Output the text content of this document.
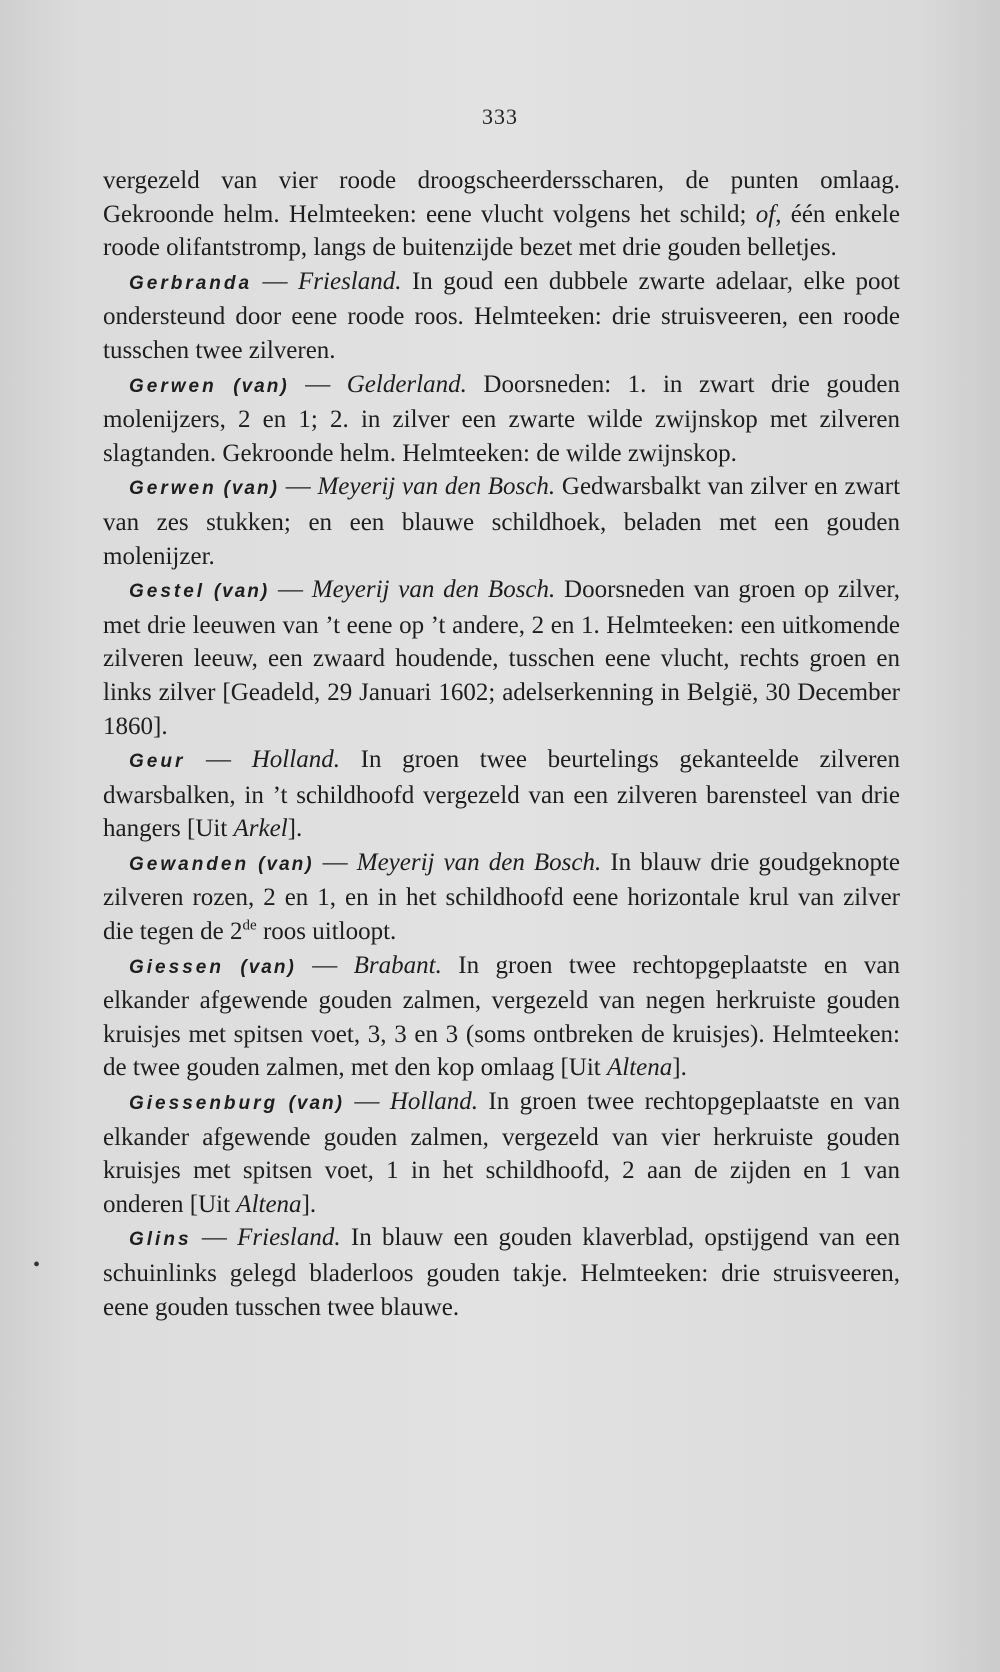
333
•

vergezeld van vier roode droogscheerdersscharen, de punten omlaag. Gekroonde helm. Helmteeken: eene vlucht volgens het schild; of, één enkele roode olifantstromp, langs de buitenzijde bezet met drie gouden belletjes.

Gerbranda — Friesland. In goud een dubbele zwarte adelaar, elke poot ondersteund door eene roode roos. Helmteeken: drie struisveeren, een roode tusschen twee zilveren.

Gerwen (van) — Gelderland. Doorsneden: 1. in zwart drie gouden molenijzers, 2 en 1; 2. in zilver een zwarte wilde zwijnskop met zilveren slagtanden. Gekroonde helm. Helmteeken: de wilde zwijnskop.

Gerwen (van) — Meyerij van den Bosch. Gedwarsbalkt van zilver en zwart van zes stukken; en een blauwe schildhoek, beladen met een gouden molenijzer.

Gestel (van) — Meyerij van den Bosch. Doorsneden van groen op zilver, met drie leeuwen van ’t eene op ’t andere, 2 en 1. Helmteeken: een uitkomende zilveren leeuw, een zwaard houdende, tusschen eene vlucht, rechts groen en links zilver [Geadeld, 29 Januari 1602; adelserkenning in België, 30 December 1860].

Geur — Holland. In groen twee beurtelings gekanteelde zilveren dwarsbalken, in ’t schildhoofd vergezeld van een zilveren barensteel van drie hangers [Uit Arkel].

Gewanden (van) — Meyerij van den Bosch. In blauw drie goudgeknopte zilveren rozen, 2 en 1, en in het schildhoofd eene horizontale krul van zilver die tegen de 2de roos uitloopt.

Giessen (van) — Brabant. In groen twee rechtopgeplaatste en van elkander afgewende gouden zalmen, vergezeld van negen herkruiste gouden kruisjes met spitsen voet, 3, 3 en 3 (soms ontbreken de kruisjes). Helmteeken: de twee gouden zalmen, met den kop omlaag [Uit Altena].

Giessenburg (van) — Holland. In groen twee rechtopgeplaatste en van elkander afgewende gouden zalmen, vergezeld van vier herkruiste gouden kruisjes met spitsen voet, 1 in het schildhoofd, 2 aan de zijden en 1 van onderen [Uit Altena].

Glins — Friesland. In blauw een gouden klaverblad, opstijgend van een schuinlinks gelegd bladerloos gouden takje. Helmteeken: drie struisveeren, eene gouden tusschen twee blauwe.
